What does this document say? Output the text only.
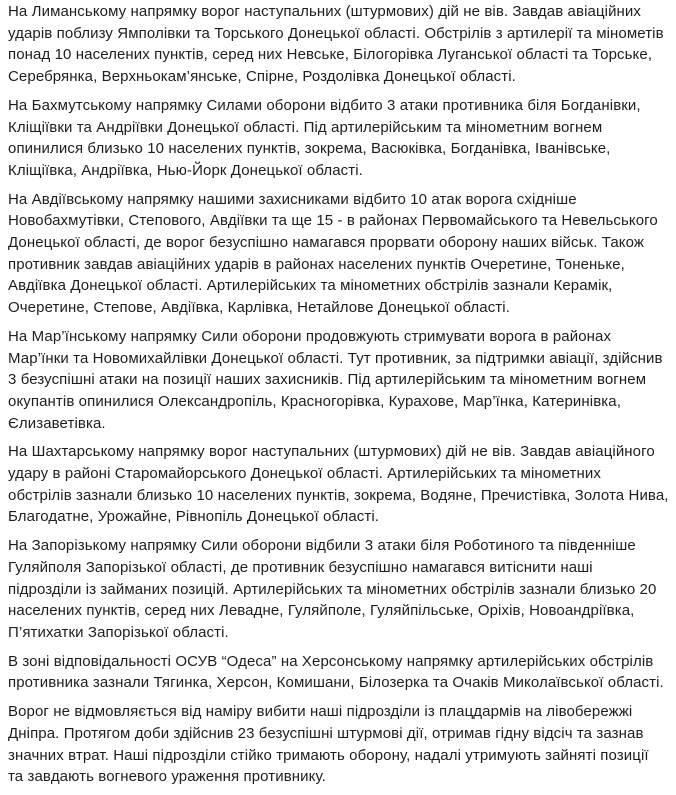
На Лиманському напрямку ворог наступальних (штурмових) дій не вів. Завдав авіаційних
ударів поблизу Ямполівки та Торського Донецької області. Обстрілів з артилерії та мінометів
понад 10 населених пунктів, серед них Невське, Білогорівка Луганської області та Торське,
Серебрянка, Верхньокам’янське, Спірне, Роздолівка Донецької області.

На Бахмутському напрямку Силами оборони відбито 3 атаки противника біля Богданівки,
Кліщіївки та Андріївки Донецької області. Під артилерійським та мінометним вогнем
опинилися близько 10 населених пунктів, зокрема, Васюківка, Богданівка, Іванівське,
Кліщіївка, Андріївка, Нью-Йорк Донецької області.

На Авдіївському напрямку нашими захисниками відбито 10 атак ворога східніше
Новобахмутівки, Степового, Авдіївки та ще 15 - в районах Первомайського та Невельського
Донецької області, де ворог безуспішно намагався прорвати оборону наших військ. Також
противник завдав авіаційних ударів в районах населених пунктів Очеретине, Тоненьке,
Авдіївка Донецької області. Артилерійських та мінометних обстрілів зазнали Керамік,
Очеретине, Степове, Авдіївка, Карлівка, Нетайлове Донецької області.

На Мар’їнському напрямку Сили оборони продовжують стримувати ворога в районах
Мар’їнки та Новомихайлівки Донецької області. Тут противник, за підтримки авіації, здійснив
3 безуспішні атаки на позиції наших захисників. Під артилерійським та мінометним вогнем
окупантів опинилися Олександропіль, Красногорівка, Курахове, Мар’їнка, Катеринівка,
Єлизаветівка.

На Шахтарському напрямку ворог наступальних (штурмових) дій не вів. Завдав авіаційного
удару в районі Старомайорського Донецької області. Артилерійських та мінометних
обстрілів зазнали близько 10 населених пунктів, зокрема, Водяне, Пречистівка, Золота Нива,
Благодатне, Урожайне, Рівнопіль Донецької області.

На Запорізькому напрямку Сили оборони відбили 3 атаки біля Роботиного та південніше
Гуляйполя Запорізької області, де противник безуспішно намагався витіснити наші
підрозділи із займаних позицій. Артилерійських та мінометних обстрілів зазнали близько 20
населених пунктів, серед них Левадне, Гуляйполе, Гуляйпільське, Оріхів, Новоандріївка,
П’ятихатки Запорізької області.

В зоні відповідальності ОСУВ “Одеса” на Херсонському напрямку артилерійських обстрілів
противника зазнали Тягинка, Херсон, Комишани, Білозерка та Очаків Миколаївської області.

Ворог не відмовляється від наміру вибити наші підрозділи із плацдармів на лівобережжі
Дніпра. Протягом доби здійснив 23 безуспішні штурмові дії, отримав гідну відсіч та зазнав
значних втрат. Наші підрозділи стійко тримають оборону, надалі утримують зайняті позиції
та завдають вогневого ураження противнику.
